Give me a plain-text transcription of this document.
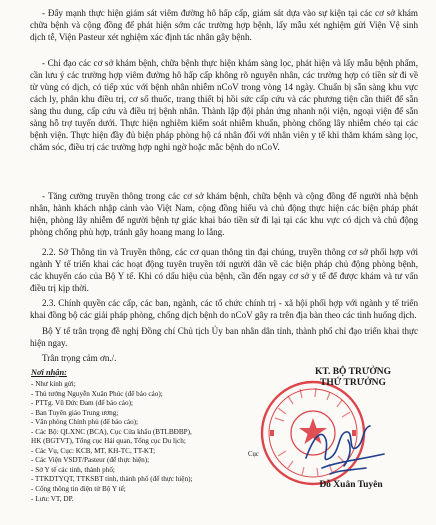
- Đẩy mạnh thực hiện giám sát viêm đường hô hấp cấp, giám sát dựa vào sự kiện tại các cơ sở khám chữa bệnh và cộng đồng để phát hiện sớm các trường hợp bệnh, lấy mẫu xét nghiệm gửi Viện Vệ sinh dịch tễ, Viện Pasteur xét nghiệm xác định tác nhân gây bệnh.

- Chỉ đạo các cơ sở khám bệnh, chữa bệnh thực hiện khám sàng lọc, phát hiện và lấy mẫu bệnh phẩm, cần lưu ý các trường hợp viêm đường hô hấp cấp không rõ nguyên nhân, các trường hợp có tiền sử đi về từ vùng có dịch, có tiếp xúc với bệnh nhân nhiễm nCoV trong vòng 14 ngày. Chuẩn bị sẵn sàng khu vực cách ly, phân khu điều trị, cơ số thuốc, trang thiết bị hồi sức cấp cứu và các phương tiện cần thiết để sẵn sàng thu dung, cấp cứu và điều trị bệnh nhân. Thành lập đội phản ứng nhanh nội viện, ngoại viện để sẵn sàng hỗ trợ tuyến dưới. Thực hiện nghiêm kiểm soát nhiễm khuẩn, phòng chống lây nhiễm chéo tại các bệnh viện. Thực hiện đầy đủ biện pháp phòng hộ cá nhân đối với nhân viên y tế khi thăm khám sàng lọc, chăm sóc, điều trị các trường hợp nghi ngờ hoặc mắc bệnh do nCoV.

- Tăng cường truyền thông trong các cơ sở khám bệnh, chữa bệnh và cộng đồng để người nhà bệnh nhân, hành khách nhập cảnh vào Việt Nam, cộng đồng hiểu và chủ động thực hiện các biện pháp phát hiện, phòng lây nhiễm để người bệnh tự giác khai báo tiền sử đi lại tại các khu vực có dịch và chủ động phòng chống phù hợp, tránh gây hoang mang lo lắng.

2.2. Sở Thông tin và Truyền thông, các cơ quan thông tin đại chúng, truyền thông cơ sở phối hợp với ngành Y tế triển khai các hoạt động tuyên truyền tới người dân về các biện pháp chủ động phòng bệnh, các khuyến cáo của Bộ Y tế. Khi có dấu hiệu của bệnh, cần đến ngay cơ sở y tế để được khám và tư vấn điều trị kịp thời.

2.3. Chính quyền các cấp, các ban, ngành, các tổ chức chính trị - xã hội phối hợp với ngành y tế triển khai đồng bộ các giải pháp phòng, chống dịch bệnh do nCoV gây ra trên địa bàn theo các tình huống dịch.

Bộ Y tế trân trọng đề nghị Đồng chí Chủ tịch Ủy ban nhân dân tỉnh, thành phố chỉ đạo triển khai thực hiện ngay.

Trân trọng cảm ơn./.

Nơi nhận:
- Như kính gửi;
- Thủ tướng Nguyễn Xuân Phúc (để báo cáo);
- PTTg. Vũ Đức Đam (để báo cáo);
- Ban Tuyên giáo Trung ương;
- Văn phòng Chính phủ (để báo cáo);
- Các Bộ: QLXNC (BCA), Cục Cửa khẩu (BTLBĐBP),
HK (BGTVT), Tổng cục Hải quan, Tổng cục Du lịch;
- Các Vụ, Cục: KCB, MT, KH-TC, TT-KT;
- Các Viện VSDT/Pasteur (để thực hiện);
- Sở Y tế các tỉnh, thành phố;
- TTKDTYQT, TTKSBT tỉnh, thành phố (để thực hiện);
- Cổng thông tin điện tử Bộ Y tế;
- Lưu: VT, DP.
KT. BỘ TRƯỞNG
THỨ TRƯỞNG
Cục
Đỗ Xuân Tuyên
